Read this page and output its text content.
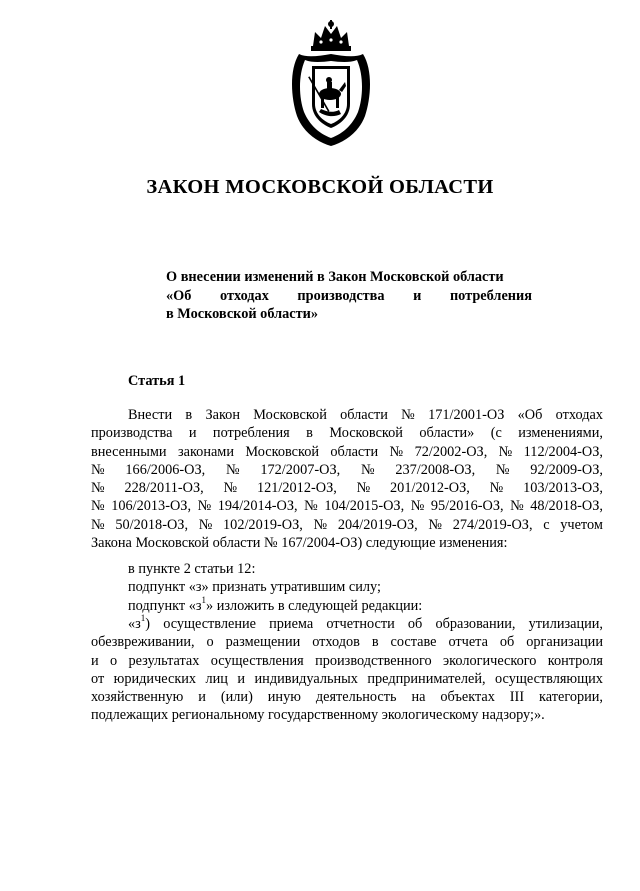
ЗАКОН МОСКОВСКОЙ ОБЛАСТИ
О внесении изменений в Закон Московской области
«Об отходах производства и потребления
в Московской области»
Статья 1
Внести в Закон Московской области № 171/2001-ОЗ «Об отходах
производства и потребления в Московской области» (с изменениями,
внесенными законами Московской области № 72/2002-ОЗ, № 112/2004-ОЗ,
№ 166/2006-ОЗ, № 172/2007-ОЗ, № 237/2008-ОЗ, № 92/2009-ОЗ,
№ 228/2011-ОЗ, № 121/2012-ОЗ, № 201/2012-ОЗ, № 103/2013-ОЗ,
№ 106/2013-ОЗ, № 194/2014-ОЗ, № 104/2015-ОЗ, № 95/2016-ОЗ, № 48/2018-ОЗ,
№ 50/2018-ОЗ, № 102/2019-ОЗ, № 204/2019-ОЗ, № 274/2019-ОЗ, с учетом
Закона Московской области № 167/2004-ОЗ) следующие изменения:
в пункте 2 статьи 12:
подпункт «з» признать утратившим силу;
подпункт «$з^1$» изложить в следующей редакции:
«$з^1$) осуществление приема отчетности об образовании, утилизации,
обезвреживании, о размещении отходов в составе отчета об организации
и о результатах осуществления производственного экологического контроля
от юридических лиц и индивидуальных предпринимателей, осуществляющих
хозяйственную и (или) иную деятельность на объектах III категории,
подлежащих региональному государственному экологическому надзору;».
